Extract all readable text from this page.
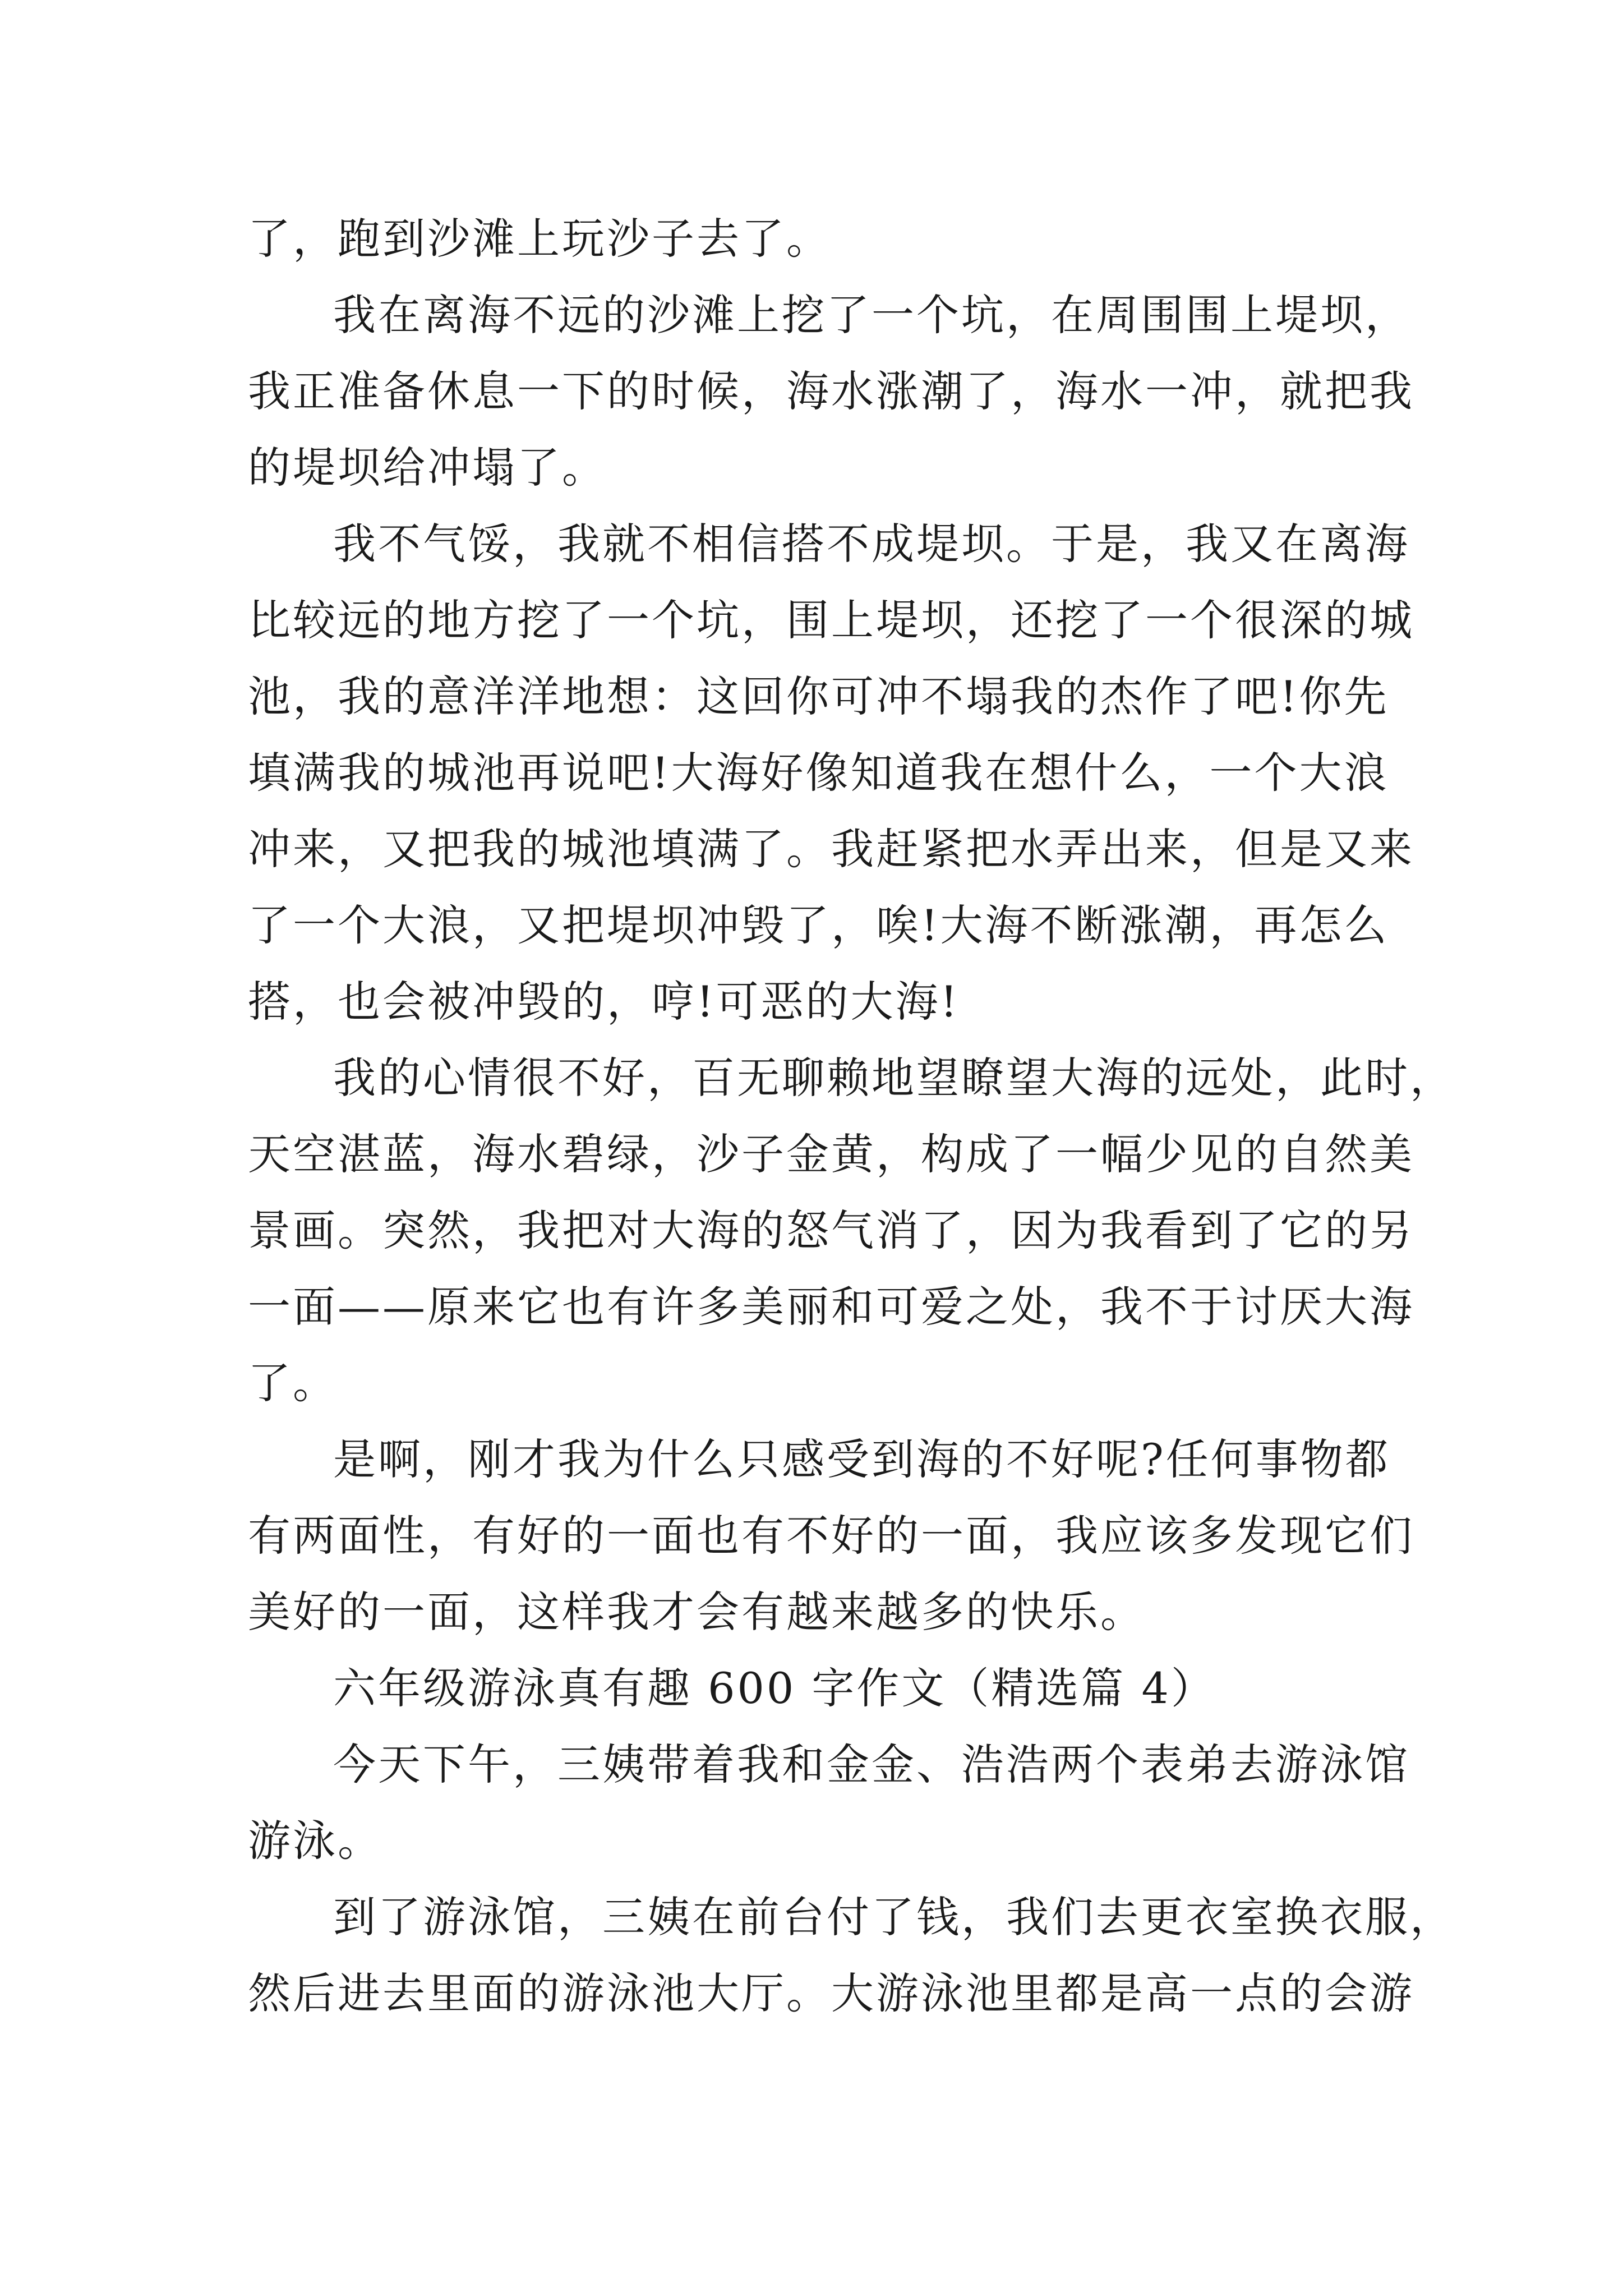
了，跑到沙滩上玩沙子去了。
我在离海不远的沙滩上挖了一个坑，在周围围上堤坝，
我正准备休息一下的时候，海水涨潮了，海水一冲，就把我
的堤坝给冲塌了。
我不气馁，我就不相信搭不成堤坝。于是，我又在离海
比较远的地方挖了一个坑，围上堤坝，还挖了一个很深的城
池，我的意洋洋地想：这回你可冲不塌我的杰作了吧!你先
填满我的城池再说吧!大海好像知道我在想什么，一个大浪
冲来，又把我的城池填满了。我赶紧把水弄出来，但是又来
了一个大浪，又把堤坝冲毁了，唉!大海不断涨潮，再怎么
搭，也会被冲毁的，哼!可恶的大海!
我的心情很不好，百无聊赖地望瞭望大海的远处，此时，
天空湛蓝，海水碧绿，沙子金黄，构成了一幅少见的自然美
景画。突然，我把对大海的怒气消了，因为我看到了它的另
一面——原来它也有许多美丽和可爱之处，我不于讨厌大海
了。
是啊，刚才我为什么只感受到海的不好呢?任何事物都
有两面性，有好的一面也有不好的一面，我应该多发现它们
美好的一面，这样我才会有越来越多的快乐。
六年级游泳真有趣 600 字作文（精选篇 4）
今天下午，三姨带着我和金金、浩浩两个表弟去游泳馆
游泳。
到了游泳馆，三姨在前台付了钱，我们去更衣室换衣服，
然后进去里面的游泳池大厅。大游泳池里都是高一点的会游
